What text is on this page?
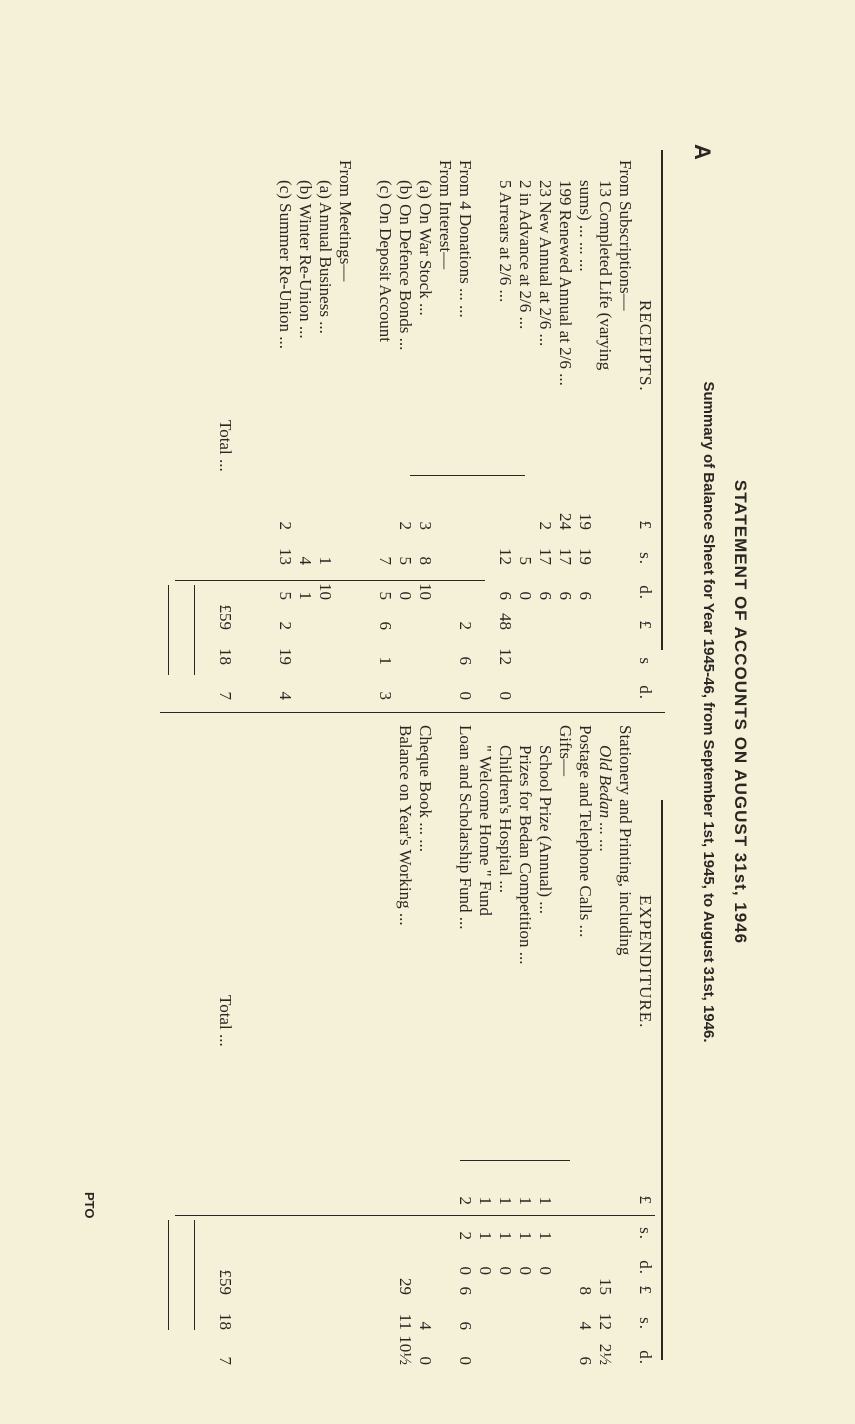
A
STATEMENT OF ACCOUNTS ON AUGUST 31st, 1946
Summary of Balance Sheet for Year 1945-46, from September 1st, 1945, to August 31st, 1946.
RECEIPTS.
£
s.
d.
£
s
d.
From Subscriptions—
13 Completed Life (varying
sums) ... ... ...
19
19
6
199 Renewed Annual at 2/6 ...
24
17
6
23 New Annual at 2/6 ...
2
17
6
2 in Advance at 2/6 ...
5
0
5 Arrears at 2/6 ...
12
6
48
12
0
From 4 Donations ... ...
2
6
0
From Interest—
(a) On War Stock ...
3
8
10
(b) On Defence Bonds ...
2
5
0
(c) On Deposit Account
7
5
6
1
3
From Meetings—
(a) Annual Business ...
1
10
(b) Winter Re-Union ...
4
1
(c) Summer Re-Union ...
2
13
5
2
19
4
Total ...
£59
18
7
EXPENDITURE.
£
s.
d.
£
s.
d.
Stationery and Printing, including
Old Bedan ... ...
15
12
2½
Postage and Telephone Calls ...
8
4
6
Gifts—
School Prize (Annual) ...
1
1
0
Prizes for Bedan Competition ...
1
1
0
Children's Hospital ...
1
1
0
" Welcome Home " Fund
1
1
0
Loan and Scholarship Fund ...
2
2
0
6
6
0
Cheque Book ... ...
4
0
Balance on Year's Working ...
29
11
10½
Total ...
£59
18
7
PTO
